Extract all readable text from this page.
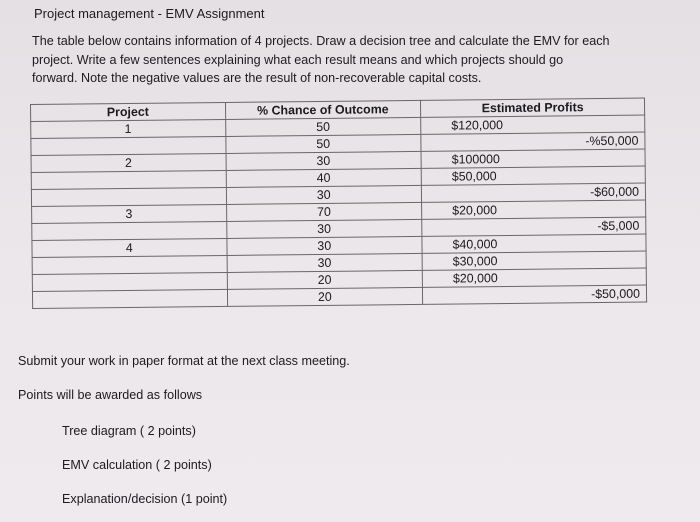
Project management - EMV Assignment
The table below contains information of 4 projects. Draw a decision tree and calculate the EMV for each
project. Write a few sentences explaining what each result means and which projects should go
forward. Note the negative values are the result of non-recoverable capital costs.
Project	% Chance of Outcome	Estimated Profits
1	50	$120,000
	50	-%50,000
2	30	$100000
	40	$50,000
	30	-$60,000
3	70	$20,000
	30	-$5,000
4	30	$40,000
	30	$30,000
	20	$20,000
	20	-$50,000
Submit your work in paper format at the next class meeting.
Points will be awarded as follows
Tree diagram ( 2 points)
EMV calculation ( 2 points)
Explanation/decision (1 point)
